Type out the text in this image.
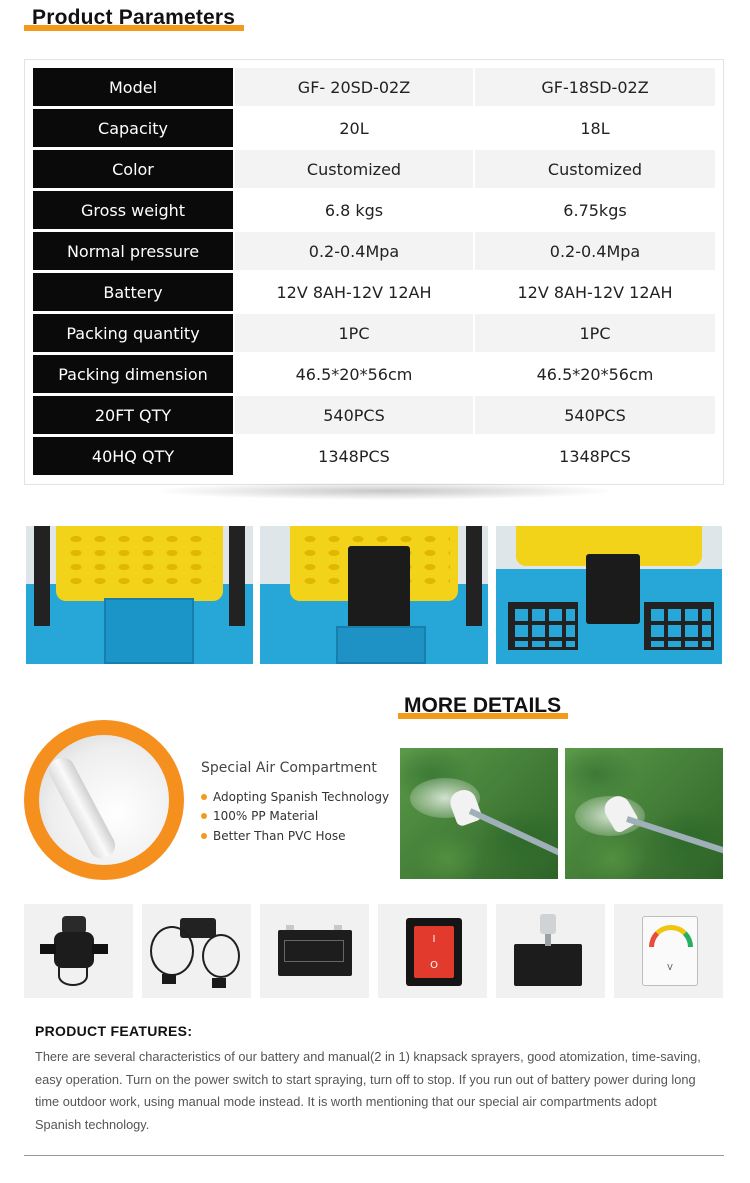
Product Parameters
Model	GF- 20SD-02Z	GF-18SD-02Z
Capacity	20L	18L
Color	Customized	Customized
Gross weight	6.8 kgs	6.75kgs
Normal pressure	0.2-0.4Mpa	0.2-0.4Mpa
Battery	12V 8AH-12V 12AH	12V 8AH-12V 12AH
Packing quantity	1PC	1PC
Packing dimension	46.5*20*56cm	46.5*20*56cm
20FT QTY	540PCS	540PCS
40HQ QTY	1348PCS	1348PCS
MORE DETAILS
Special Air Compartment
Adopting Spanish Technology
100% PP Material
Better Than PVC Hose
I
O	V
PRODUCT FEATURES:
There are several characteristics of our battery and manual(2 in 1) knapsack sprayers, good atomization, time-saving, easy operation. Turn on the power switch to start spraying, turn off to stop. If you run out of battery power during long time outdoor work, using manual mode instead. It is worth mentioning that our special air compartments adopt Spanish technology.
